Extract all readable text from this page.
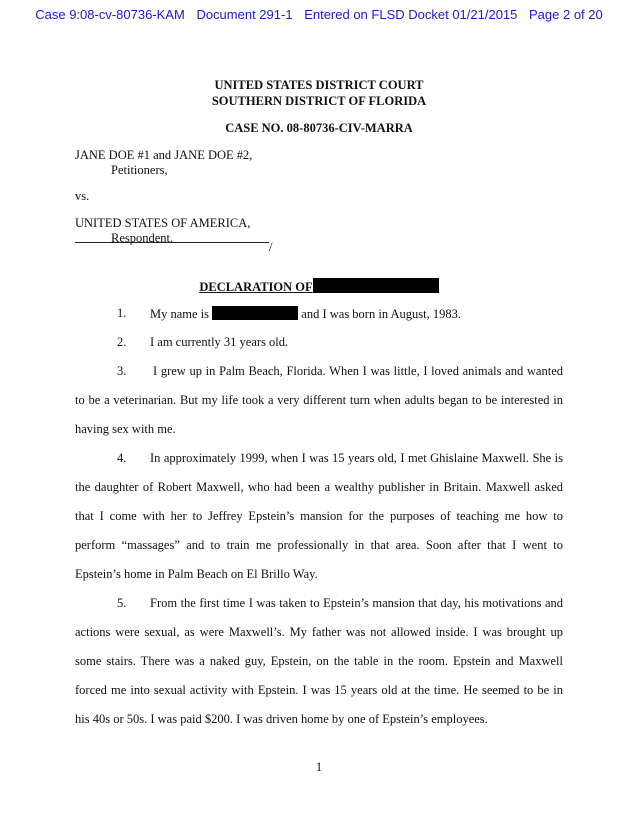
Case 9:08-cv-80736-KAM Document 291-1 Entered on FLSD Docket 01/21/2015 Page 2 of 20
UNITED STATES DISTRICT COURT
SOUTHERN DISTRICT OF FLORIDA
CASE NO. 08-80736-CIV-MARRA
JANE DOE #1 and JANE DOE #2,
Petitioners,
vs.
UNITED STATES OF AMERICA,
Respondent.
/
DECLARATION OF
1. My name is	and I was born in August, 1983.
2. I am currently 31 years old.
3. I grew up in Palm Beach, Florida. When I was little, I loved animals and wanted
to be a veterinarian. But my life took a very different turn when adults began to be interested in
having sex with me.
4. In approximately 1999, when I was 15 years old, I met Ghislaine Maxwell. She is
the daughter of Robert Maxwell, who had been a wealthy publisher in Britain. Maxwell asked
that I come with her to Jeffrey Epstein’s mansion for the purposes of teaching me how to
perform “massages” and to train me professionally in that area. Soon after that I went to
Epstein’s home in Palm Beach on El Brillo Way.
5. From the first time I was taken to Epstein’s mansion that day, his motivations and
actions were sexual, as were Maxwell’s. My father was not allowed inside. I was brought up
some stairs. There was a naked guy, Epstein, on the table in the room. Epstein and Maxwell
forced me into sexual activity with Epstein. I was 15 years old at the time. He seemed to be in
his 40s or 50s. I was paid $200. I was driven home by one of Epstein’s employees.
1
